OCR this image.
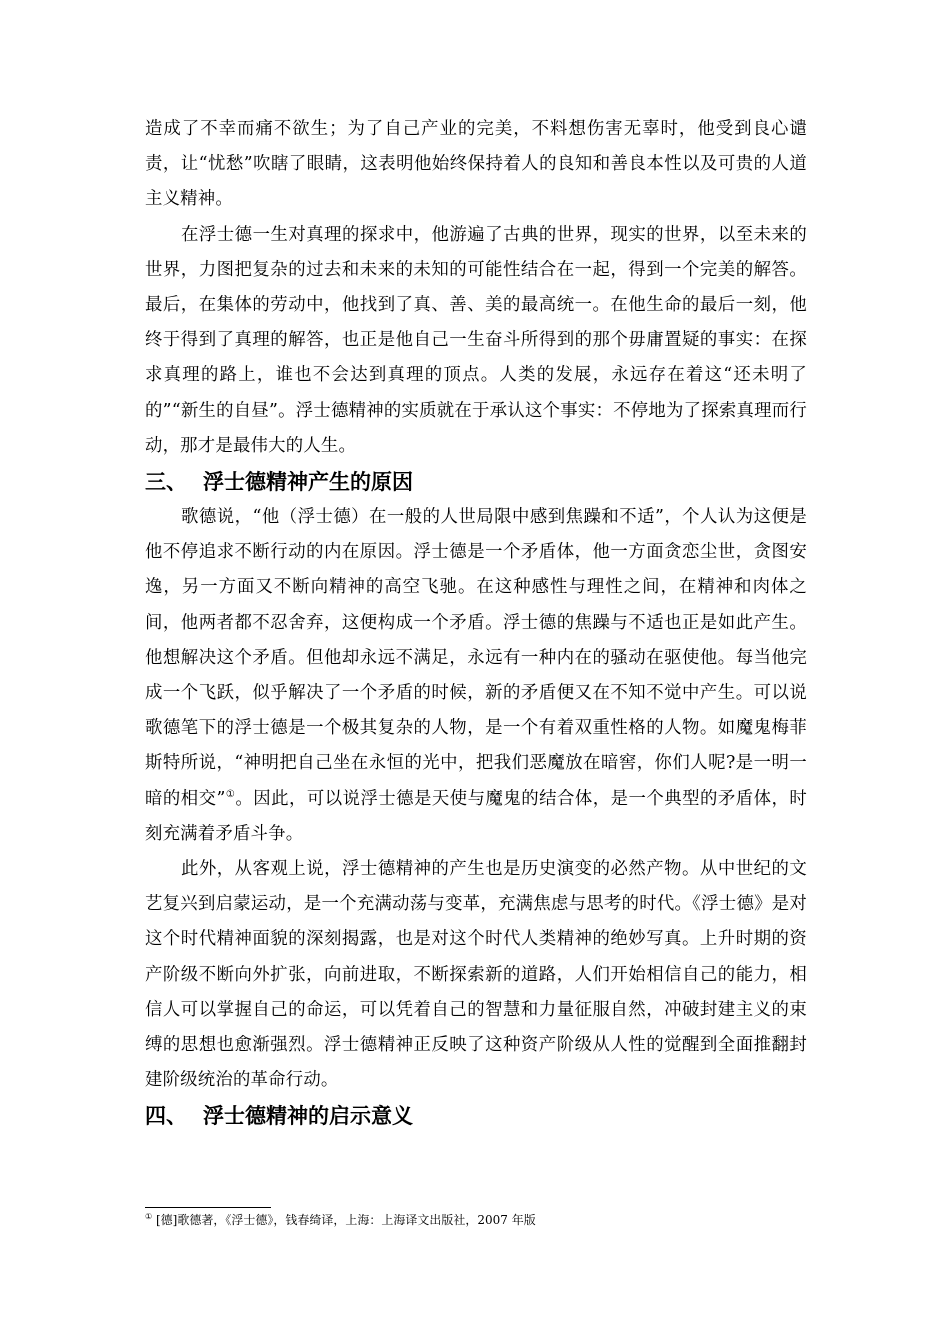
造成了不幸而痛不欲生；为了自己产业的完美，不料想伤害无辜时，他受到良心谴责，让“忧愁”吹瞎了眼睛，这表明他始终保持着人的良知和善良本性以及可贵的人道主义精神。

在浮士德一生对真理的探求中，他游遍了古典的世界，现实的世界，以至未来的世界，力图把复杂的过去和未来的未知的可能性结合在一起，得到一个完美的解答。最后，在集体的劳动中，他找到了真、善、美的最高统一。在他生命的最后一刻，他终于得到了真理的解答，也正是他自己一生奋斗所得到的那个毋庸置疑的事实：在探求真理的路上，谁也不会达到真理的顶点。人类的发展，永远存在着这“还未明了的”“新生的自昼”。浮士德精神的实质就在于承认这个事实：不停地为了探索真理而行动，那才是最伟大的人生。

三、 浮士德精神产生的原因

歌德说，“他（浮士德）在一般的人世局限中感到焦躁和不适”，个人认为这便是他不停追求不断行动的内在原因。浮士德是一个矛盾体，他一方面贪恋尘世，贪图安逸，另一方面又不断向精神的高空飞驰。在这种感性与理性之间，在精神和肉体之间，他两者都不忍舍弃，这便构成一个矛盾。浮士德的焦躁与不适也正是如此产生。他想解决这个矛盾。但他却永远不满足，永远有一种内在的骚动在驱使他。每当他完成一个飞跃，似乎解决了一个矛盾的时候，新的矛盾便又在不知不觉中产生。可以说歌德笔下的浮士德是一个极其复杂的人物，是一个有着双重性格的人物。如魔鬼梅菲斯特所说，“神明把自己坐在永恒的光中，把我们恶魔放在暗窖，你们人呢?是一明一暗的相交”①。因此，可以说浮士德是天使与魔鬼的结合体，是一个典型的矛盾体，时刻充满着矛盾斗争。

此外，从客观上说，浮士德精神的产生也是历史演变的必然产物。从中世纪的文艺复兴到启蒙运动，是一个充满动荡与变革，充满焦虑与思考的时代。《浮士德》是对这个时代精神面貌的深刻揭露，也是对这个时代人类精神的绝妙写真。上升时期的资产阶级不断向外扩张，向前进取，不断探索新的道路，人们开始相信自己的能力，相信人可以掌握自己的命运，可以凭着自己的智慧和力量征服自然，冲破封建主义的束缚的思想也愈渐强烈。浮士德精神正反映了这种资产阶级从人性的觉醒到全面推翻封建阶级统治的革命行动。

四、 浮士德精神的启示意义
① [德]歌德著，《浮士德》，钱春绮译，上海：上海译文出版社，2007 年版
